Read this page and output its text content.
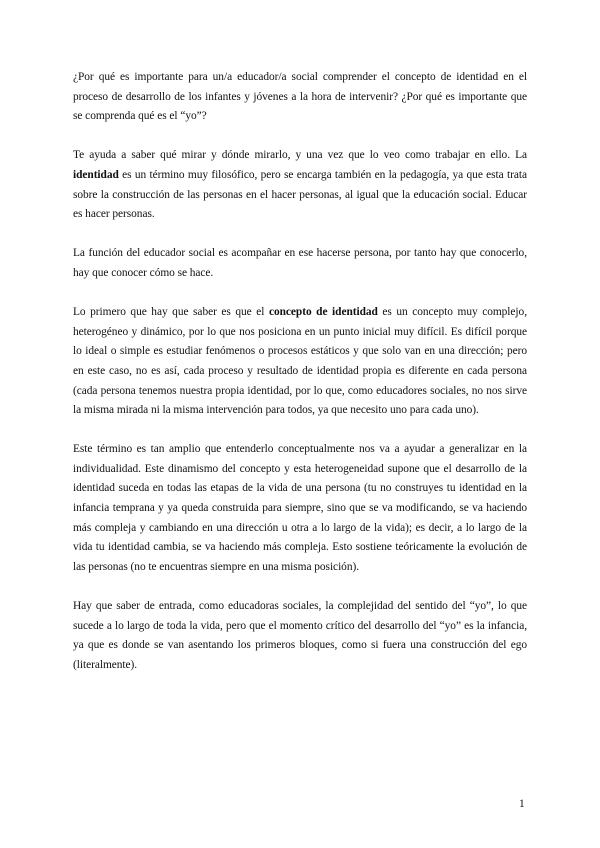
¿Por qué es importante para un/a educador/a social comprender el concepto de identidad en el proceso de desarrollo de los infantes y jóvenes a la hora de intervenir? ¿Por qué es importante que se comprenda qué es el “yo”?

Te ayuda a saber qué mirar y dónde mirarlo, y una vez que lo veo como trabajar en ello. La identidad es un término muy filosófico, pero se encarga también en la pedagogía, ya que esta trata sobre la construcción de las personas en el hacer personas, al igual que la educación social. Educar es hacer personas.

La función del educador social es acompañar en ese hacerse persona, por tanto hay que conocerlo, hay que conocer cómo se hace.

Lo primero que hay que saber es que el concepto de identidad es un concepto muy complejo, heterogéneo y dinámico, por lo que nos posiciona en un punto inicial muy difícil. Es difícil porque lo ideal o simple es estudiar fenómenos o procesos estáticos y que solo van en una dirección; pero en este caso, no es así, cada proceso y resultado de identidad propia es diferente en cada persona (cada persona tenemos nuestra propia identidad, por lo que, como educadores sociales, no nos sirve la misma mirada ni la misma intervención para todos, ya que necesito uno para cada uno).

Este término es tan amplio que entenderlo conceptualmente nos va a ayudar a generalizar en la individualidad. Este dinamismo del concepto y esta heterogeneidad supone que el desarrollo de la identidad suceda en todas las etapas de la vida de una persona (tu no construyes tu identidad en la infancia temprana y ya queda construida para siempre, sino que se va modificando, se va haciendo más compleja y cambiando en una dirección u otra a lo largo de la vida); es decir, a lo largo de la vida tu identidad cambia, se va haciendo más compleja. Esto sostiene teóricamente la evolución de las personas (no te encuentras siempre en una misma posición).

Hay que saber de entrada, como educadoras sociales, la complejidad del sentido del “yo”, lo que sucede a lo largo de toda la vida, pero que el momento crítico del desarrollo del “yo” es la infancia, ya que es donde se van asentando los primeros bloques, como si fuera una construcción del ego (literalmente).

1
